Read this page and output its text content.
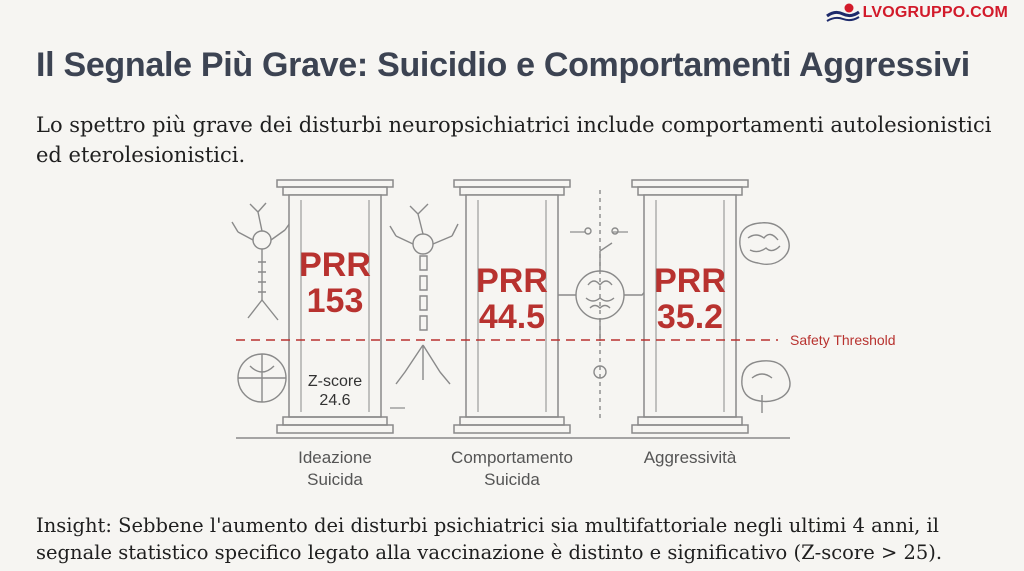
LVOGRUPPO.COM
Il Segnale Più Grave: Suicidio e Comportamenti Aggressivi
Lo spettro più grave dei disturbi neuropsichiatrici include comportamenti autolesionistici ed eterolesionistici.
PRR
153
Z-score
24.6
Ideazione
Suicida
PRR
44.5
Comportamento
Suicida
PRR
35.2
Aggressività
Safety Threshold
Insight: Sebbene l'aumento dei disturbi psichiatrici sia multifattoriale negli ultimi 4 anni, il segnale statistico specifico legato alla vaccinazione è distinto e significativo (Z-score > 25).
